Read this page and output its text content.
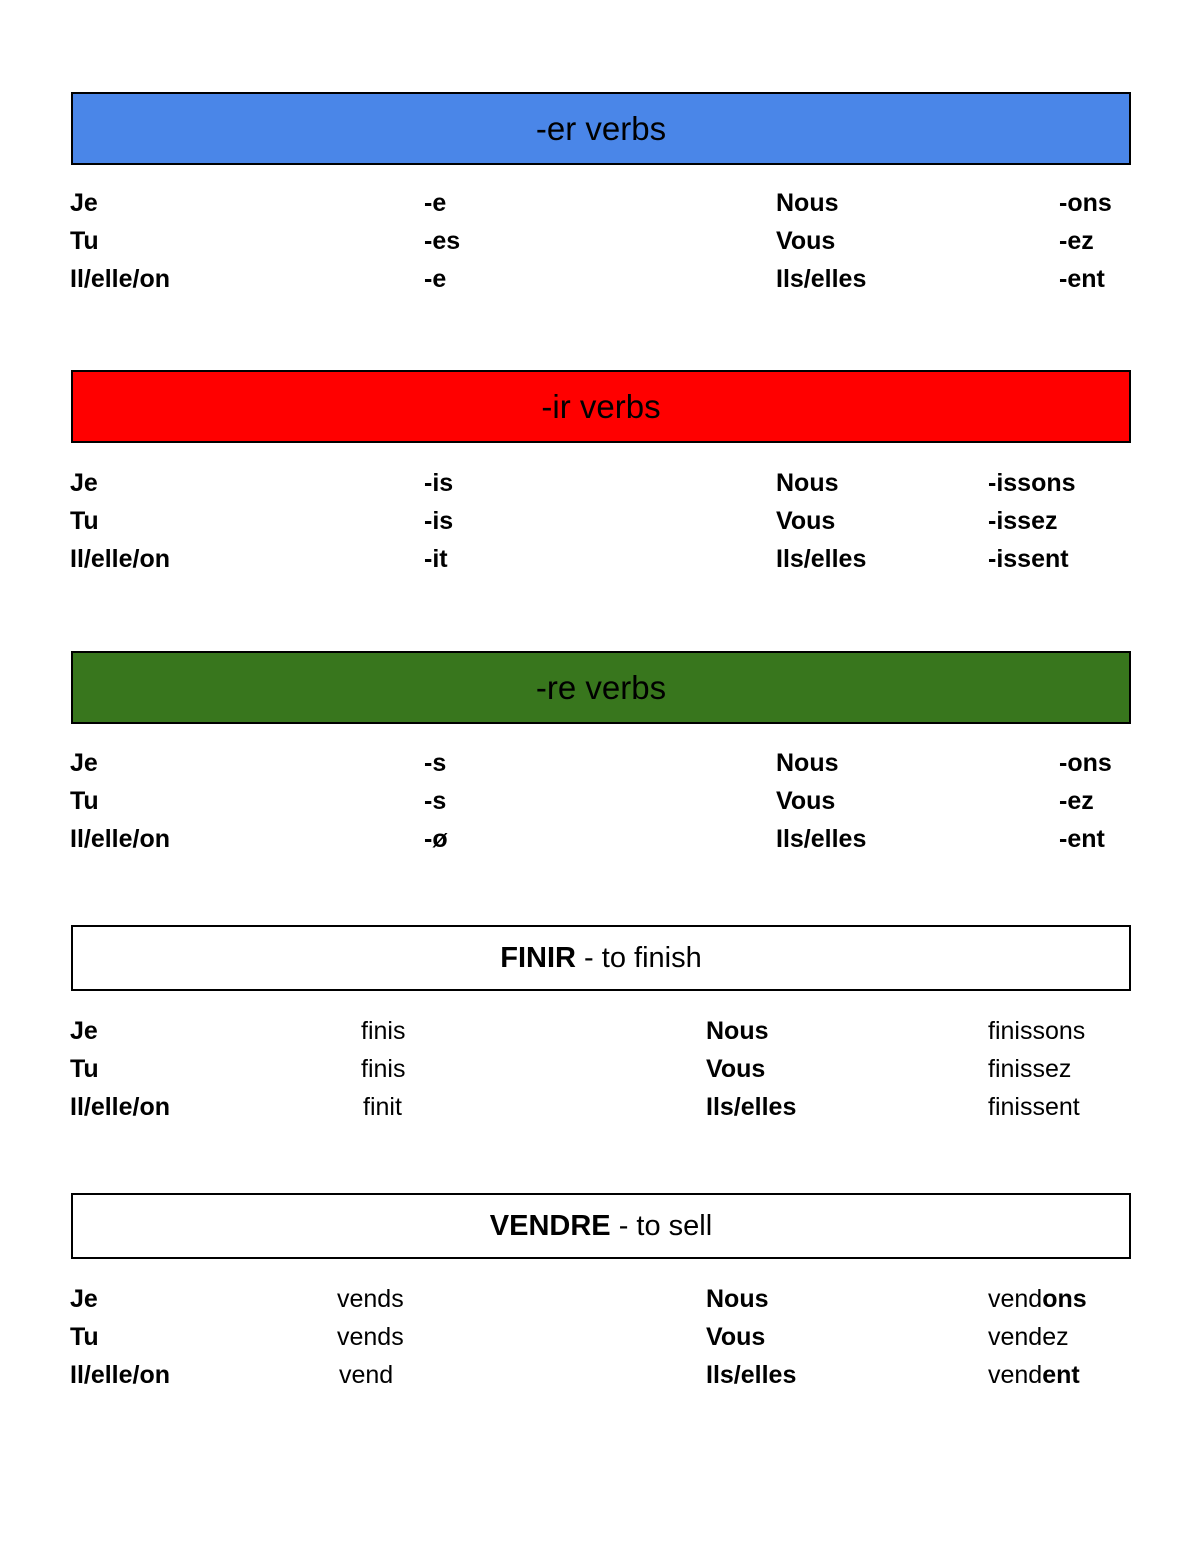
-er verbs
Je	-e	Nous	-ons
Tu	-es	Vous	-ez
Il/elle/on	-e	Ils/elles	-ent
-ir verbs
Je	-is	Nous	-issons
Tu	-is	Vous	-issez
Il/elle/on	-it	Ils/elles	-issent
-re verbs
Je	-s	Nous	-ons
Tu	-s	Vous	-ez
Il/elle/on	-ø	Ils/elles	-ent
FINIR - to finish
Je	finis	Nous	finissons
Tu	finis	Vous	finissez
Il/elle/on	finit	Ils/elles	finissent
VENDRE - to sell
Je	vends	Nous	vendons
Tu	vends	Vous	vendez
Il/elle/on	vend	Ils/elles	vendent
